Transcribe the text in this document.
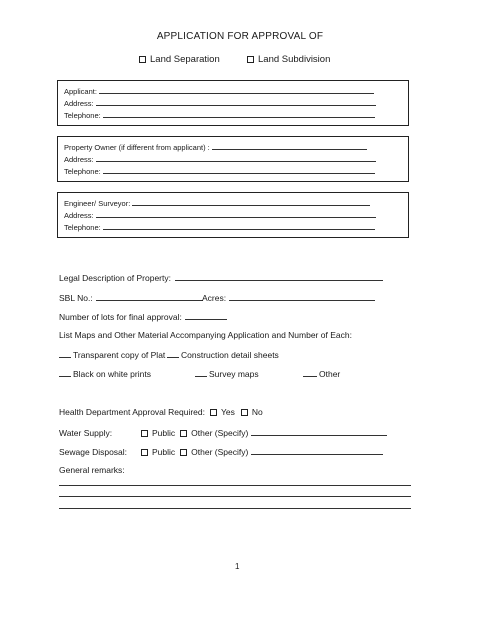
APPLICATION FOR APPROVAL OF
Land Separation	Land Subdivision
Applicant:
Address:
Telephone:
Property Owner (if different from applicant) :
Address:
Telephone:
Engineer/ Surveyor:
Address:
Telephone:
Legal Description of Property:
SBL No.:	Acres:
Number of lots for final approval:
List Maps and Other Material Accompanying Application and Number of Each:
Transparent copy of Plat Construction detail sheets
Black on white prints	Survey maps	Other
Health Department Approval Required:	Yes	No
Water Supply:	Public	Other (Specify)
Sewage Disposal:	Public	Other (Specify)
General remarks:
1
